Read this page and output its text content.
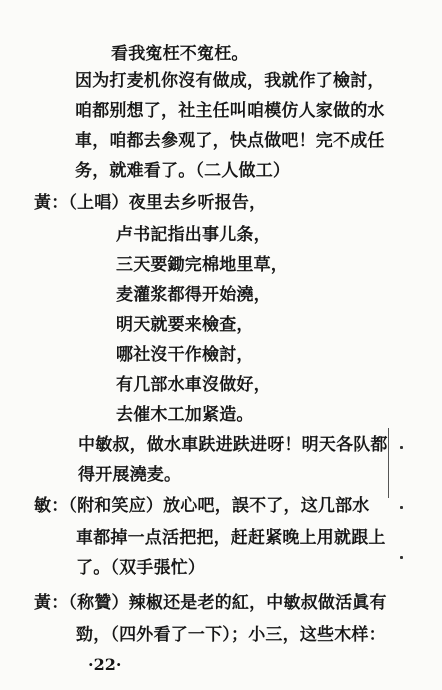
看我寃枉不寃枉。
因为打麦机你沒有做成，我就作了檢討，
咱都别想了，社主任叫咱模仿人家做的水
車，咱都去參观了，快点做吧！完不成任
务，就难看了。（二人做工）
黃：（上唱）夜里去乡听报告，
卢书記指出事儿条，
三天要鋤完棉地里草，
麦灌浆都得开始澆，
明天就要来檢查，
哪社沒干作檢討，
有几部水車沒做好，
去催木工加紧造。
中敏叔，做水車趺进趺进呀！明天各队都
得开展澆麦。
敏：（附和笑应）放心吧，誤不了，这几部水
車都掉一点活把把，赶赶紧晚上用就跟上
了。（双手張忙）
黃：（称贊）辣椒还是老的紅，中敏叔做活眞有
勁，（四外看了一下）；小三，这些木样：
·22·
